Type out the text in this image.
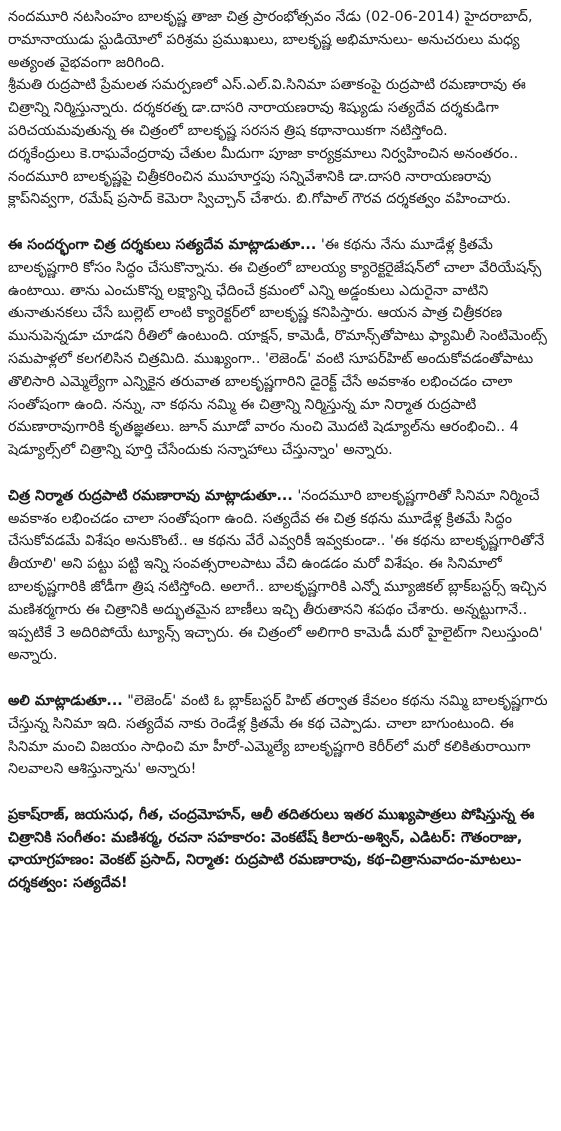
నందమూరి నటసింహం బాలకృష్ణ తాజా చిత్ర ప్రారంభోత్సవం నేడు (02-06-2014) హైదరాబాద్, రామానాయుడు స్టుడియోలో పరిశ్రమ ప్రముఖులు, బాలకృష్ణ అభిమానులు- అనుచరులు మధ్య అత్యంత వైభవంగా జరిగింది.

శ్రీమతి రుద్రపాటి ప్రేమలత సమర్పణలో ఎస్.ఎల్.వి.సినిమా పతాకంపై రుద్రపాటి రమణారావు ఈ చిత్రాన్ని నిర్మిస్తున్నారు. దర్శకరత్న డా.దాసరి నారాయణరావు శిష్యుడు సత్యదేవ దర్శకుడిగా పరిచయమవుతున్న ఈ చిత్రంలో బాలకృష్ణ సరసన త్రిష కథానాయికగా నటిస్తోంది.

దర్శకేంద్రులు కె.రాఘవేంద్రరావు చేతుల మీదుగా పూజా కార్యక్రమాలు నిర్వహించిన అనంతరం.. నందమూరి బాలకృష్ణపై చిత్రీకరించిన ముహూర్తపు సన్నివేశానికి డా.దాసరి నారాయణరావు క్లాప్‌నివ్వగా, రమేష్ ప్రసాద్ కెమెరా స్విచ్చాన్ చేశారు. బి.గోపాల్ గౌరవ దర్శకత్వం వహించారు.

ఈ సందర్భంగా చిత్ర దర్శకులు సత్యదేవ మాట్లాడుతూ... 'ఈ కథను నేను మూడేళ్ల క్రితమే బాలకృష్ణగారి కోసం సిద్ధం చేసుకొన్నాను. ఈ చిత్రంలో బాలయ్య క్యారెక్టరైజేషన్‌లో చాలా వేరియేషన్స్ ఉంటాయి. తాను ఎంచుకొన్న లక్ష్యాన్ని ఛేదించే క్రమంలో ఎన్ని అడ్డంకులు ఎదురైనా వాటిని తునాతునకలు చేసే బుల్లెట్ లాంటి క్యారెక్టర్‌లో బాలకృష్ణ కనిపిస్తారు. ఆయన పాత్ర చిత్రీకరణ మునుపెన్నడూ చూడని రీతిలో ఉంటుంది. యాక్షన్, కామెడీ, రొమాన్స్‌తోపాటు ఫ్యామిలీ సెంటిమెంట్స్ సమపాళ్లలో కలగలిసిన చిత్రమిది. ముఖ్యంగా.. 'లెజెండ్' వంటి సూపర్‌హిట్ అందుకోవడంతోపాటు తొలిసారి ఎమ్మెల్యేగా ఎన్నికైన తరువాత బాలకృష్ణగారిని డైరెక్ట్ చేసే అవకాశం లభించడం చాలా సంతోషంగా ఉంది. నన్ను, నా కథను నమ్మి ఈ చిత్రాన్ని నిర్మిస్తున్న మా నిర్మాత రుద్రపాటి రమణారావుగారికి కృతజ్ఞతలు. జూన్ మూడో వారం నుంచి మొదటి షెడ్యూల్‌ను ఆరంభించి.. 4 షెడ్యూల్స్‌లో చిత్రాన్ని పూర్తి చేసేందుకు సన్నాహాలు చేస్తున్నాం' అన్నారు.

చిత్ర నిర్మాత రుద్రపాటి రమణారావు మాట్లాడుతూ... 'నందమూరి బాలకృష్ణగారితో సినిమా నిర్మించే అవకాశం లభించడం చాలా సంతోషంగా ఉంది. సత్యదేవ ఈ చిత్ర కథను మూడేళ్ల క్రితమే సిద్ధం చేసుకోవడమే విశేషం అనుకొంటే.. ఆ కథను వేరే ఎవ్వరికీ ఇవ్వకుండా.. 'ఈ కథను బాలకృష్ణగారితోనే తీయాలి' అని పట్టు పట్టి ఇన్ని సంవత్సరాలపాటు వేచి ఉండడం మరో విశేషం. ఈ సినిమాలో బాలకృష్ణగారికి జోడీగా త్రిష నటిస్తోంది. అలాగే.. బాలకృష్ణగారికి ఎన్నో మ్యూజికల్ బ్లాక్‌బస్టర్స్ ఇచ్చిన మణిశర్మగారు ఈ చిత్రానికి అద్భుతమైన బాణీలు ఇచ్చి తీరుతానని శపథం చేశారు. అన్నట్టుగానే.. ఇప్పటికే 3 అదిరిపోయే ట్యూన్స్ ఇచ్చారు. ఈ చిత్రంలో అలిగారి కామెడీ మరో హైలైట్‌గా నిలుస్తుంది' అన్నారు.

అలి మాట్లాడుతూ... "లెజెండ్' వంటి ఓ బ్లాక్‌బస్టర్ హిట్ తర్వాత కేవలం కథను నమ్మి బాలకృష్ణగారు చేస్తున్న సినిమా ఇది. సత్యదేవ నాకు రెండేళ్ల క్రితమే ఈ కథ చెప్పాడు. చాలా బాగుంటుంది. ఈ సినిమా మంచి విజయం సాధించి మా హీరో-ఎమ్మెల్యే బాలకృష్ణగారి కెరీర్‌లో మరో కలికితురాయిగా నిలవాలని ఆశిస్తున్నాను' అన్నారు!

ప్రకాష్‌రాజ్, జయసుధ, గీత, చంద్రమోహన్, ఆలీ తదితరులు ఇతర ముఖ్యపాత్రలు పోషిస్తున్న ఈ చిత్రానికి సంగీతం: మణిశర్మ, రచనా సహకారం: వెంకటేష్ కిలారు-అశ్విన్, ఎడిటర్: గౌతంరాజు, ఛాయాగ్రహణం: వెంకట్ ప్రసాద్, నిర్మాత: రుద్రపాటి రమణారావు, కథ-చిత్రానువాదం-మాటలు-దర్శకత్వం: సత్యదేవ!
